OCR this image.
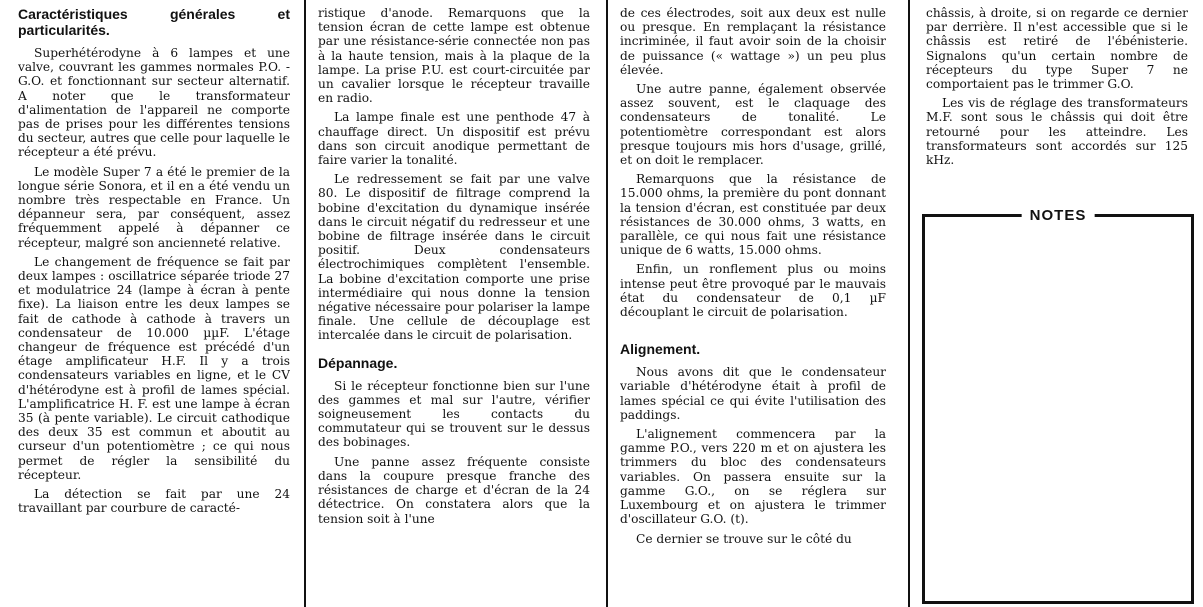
Caractéristiques générales et particularités.

Superhétérodyne à 6 lampes et une valve, couvrant les gammes normales P.O. - G.O. et fonctionnant sur secteur alternatif. A noter que le transformateur d'alimentation de l'appareil ne comporte pas de prises pour les différentes tensions du secteur, autres que celle pour laquelle le récepteur a été prévu.

Le modèle Super 7 a été le premier de la longue série Sonora, et il en a été vendu un nombre très respectable en France. Un dépanneur sera, par conséquent, assez fréquemment appelé à dépanner ce récepteur, malgré son ancienneté relative.

Le changement de fréquence se fait par deux lampes : oscillatrice séparée triode 27 et modulatrice 24 (lampe à écran à pente fixe). La liaison entre les deux lampes se fait de cathode à cathode à travers un condensateur de 10.000 µµF. L'étage changeur de fréquence est précédé d'un étage amplificateur H.F. Il y a trois condensateurs variables en ligne, et le CV d'hétérodyne est à profil de lames spécial. L'amplificatrice H. F. est une lampe à écran 35 (à pente variable). Le circuit cathodique des deux 35 est commun et aboutit au curseur d'un potentiomètre ; ce qui nous permet de régler la sensibilité du récepteur.

La détection se fait par une 24 travaillant par courbure de caracté-

ristique d'anode. Remarquons que la tension écran de cette lampe est obtenue par une résistance-série connectée non pas à la haute tension, mais à la plaque de la lampe. La prise P.U. est court-circuitée par un cavalier lorsque le récepteur travaille en radio.

La lampe finale est une penthode 47 à chauffage direct. Un dispositif est prévu dans son circuit anodique permettant de faire varier la tonalité.

Le redressement se fait par une valve 80. Le dispositif de filtrage comprend la bobine d'excitation du dynamique insérée dans le circuit négatif du redresseur et une bobine de filtrage insérée dans le circuit positif. Deux condensateurs électrochimiques complètent l'ensemble. La bobine d'excitation comporte une prise intermédiaire qui nous donne la tension négative nécessaire pour polariser la lampe finale. Une cellule de découplage est intercalée dans le circuit de polarisation.

Dépannage.

Si le récepteur fonctionne bien sur l'une des gammes et mal sur l'autre, vérifier soigneusement les contacts du commutateur qui se trouvent sur le dessus des bobinages.

Une panne assez fréquente consiste dans la coupure presque franche des résistances de charge et d'écran de la 24 détectrice. On constatera alors que la tension soit à l'une

de ces électrodes, soit aux deux est nulle ou presque. En remplaçant la résistance incriminée, il faut avoir soin de la choisir de puissance (« wattage ») un peu plus élevée.

Une autre panne, également observée assez souvent, est le claquage des condensateurs de tonalité. Le potentiomètre correspondant est alors presque toujours mis hors d'usage, grillé, et on doit le remplacer.

Remarquons que la résistance de 15.000 ohms, la première du pont donnant la tension d'écran, est constituée par deux résistances de 30.000 ohms, 3 watts, en parallèle, ce qui nous fait une résistance unique de 6 watts, 15.000 ohms.

Enfin, un ronflement plus ou moins intense peut être provoqué par le mauvais état du condensateur de 0,1 µF découplant le circuit de polarisation.

Alignement.

Nous avons dit que le condensateur variable d'hétérodyne était à profil de lames spécial ce qui évite l'utilisation des paddings.

L'alignement commencera par la gamme P.O., vers 220 m et on ajustera les trimmers du bloc des condensateurs variables. On passera ensuite sur la gamme G.O., on se réglera sur Luxembourg et on ajustera le trimmer d'oscillateur G.O. (t).

Ce dernier se trouve sur le côté du

châssis, à droite, si on regarde ce dernier par derrière. Il n'est accessible que si le châssis est retiré de l'ébénisterie. Signalons qu'un certain nombre de récepteurs du type Super 7 ne comportaient pas le trimmer G.O.

Les vis de réglage des transformateurs M.F. sont sous le châssis qui doit être retourné pour les atteindre. Les transformateurs sont accordés sur 125 kHz.

NOTES
